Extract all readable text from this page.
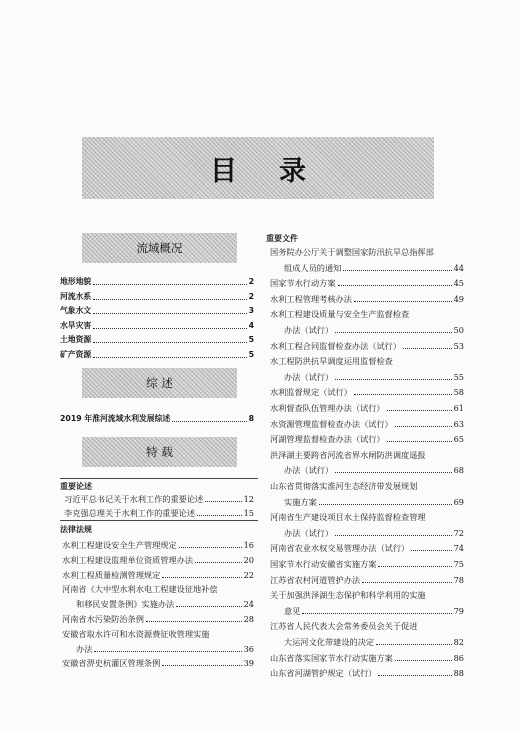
目录
流域概况
地形地貌	2
河流水系	2
气象水文	3
水旱灾害	4
土地资源	5
矿产资源	5
综 述
2019 年淮河流域水利发展综述	8
特 载
重要论述
习近平总书记关于水利工作的重要论述	12
李克强总理关于水利工作的重要论述	15
法律法规
水利工程建设安全生产管理规定	16
水利工程建设监理单位资质管理办法	20
水利工程质量检测管理规定	22
河南省《大中型水利水电工程建设征地补偿
和移民安置条例》实施办法	24
河南省水污染防治条例	28
安徽省取水许可和水资源费征收管理实施
办法	36
安徽省淠史杭灌区管理条例	39
重要文件
国务院办公厅关于调整国家防汛抗旱总指挥部
组成人员的通知	44
国家节水行动方案	45
水利工程管理考核办法	49
水利工程建设质量与安全生产监督检查
办法（试行）	50
水利工程合同监督检查办法（试行）	53
水工程防洪抗旱调度运用监督检查
办法（试行）	55
水利监督规定（试行）	58
水利督查队伍管理办法（试行）	61
水资源管理监督检查办法（试行）	63
河湖管理监督检查办法（试行）	65
洪泽湖主要跨省河流省界水闸防洪调度遥报
办法（试行）	68
山东省贯彻落实淮河生态经济带发展规划
实施方案	69
河南省生产建设项目水土保持监督检查管理
办法（试行）	72
河南省农业水权交易管理办法（试行）	74
国家节水行动安徽省实施方案	75
江苏省农村河道管护办法	78
关于加强洪泽湖生态保护和科学利用的实施
意见	79
江苏省人民代表大会常务委员会关于促进
大运河文化带建设的决定	82
山东省落实国家节水行动实施方案	86
山东省河湖管护规定（试行）	88
